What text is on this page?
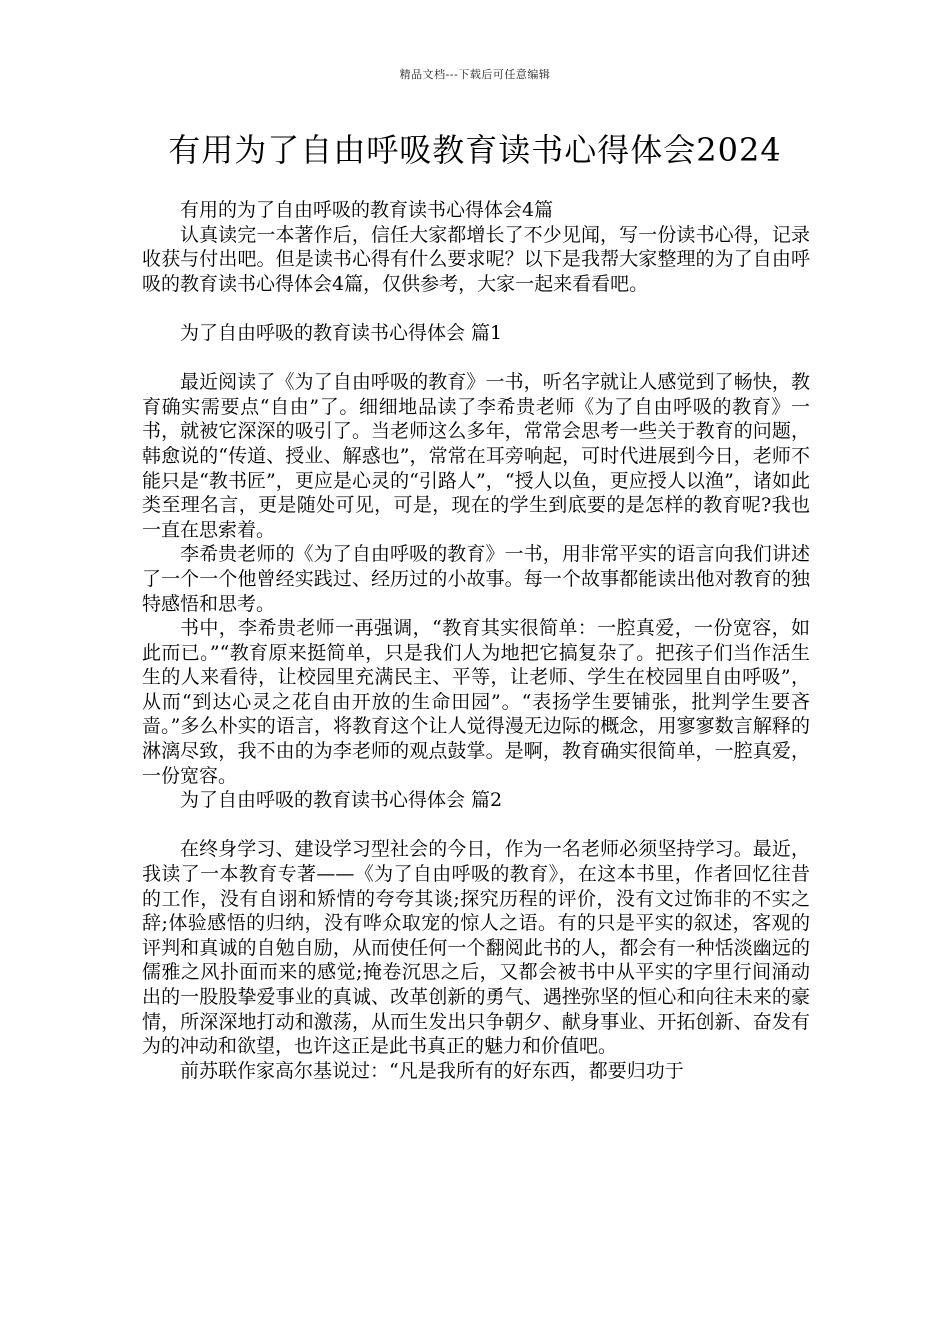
精品文档---下载后可任意编辑
有用为了自由呼吸教育读书心得体会2024

有用的为了自由呼吸的教育读书心得体会4篇

认真读完一本著作后，信任大家都增长了不少见闻，写一份读书心得，记录收获与付出吧。但是读书心得有什么要求呢？以下是我帮大家整理的为了自由呼吸的教育读书心得体会4篇，仅供参考，大家一起来看看吧。

为了自由呼吸的教育读书心得体会 篇1

最近阅读了《为了自由呼吸的教育》一书，听名字就让人感觉到了畅快，教育确实需要点“自由”了。细细地品读了李希贵老师《为了自由呼吸的教育》一书，就被它深深的吸引了。当老师这么多年，常常会思考一些关于教育的问题，韩愈说的“传道、授业、解惑也”，常常在耳旁响起，可时代进展到今日，老师不能只是“教书匠”，更应是心灵的“引路人”，“授人以鱼，更应授人以渔”，诸如此类至理名言，更是随处可见，可是，现在的学生到底要的是怎样的教育呢?我也一直在思索着。

李希贵老师的《为了自由呼吸的教育》一书，用非常平实的语言向我们讲述了一个一个他曾经实践过、经历过的小故事。每一个故事都能读出他对教育的独特感悟和思考。

书中，李希贵老师一再强调，“教育其实很简单：一腔真爱，一份宽容，如此而已。”“教育原来挺简单，只是我们人为地把它搞复杂了。把孩子们当作活生生的人来看待，让校园里充满民主、平等，让老师、学生在校园里自由呼吸”，从而“到达心灵之花自由开放的生命田园”。“表扬学生要铺张，批判学生要吝啬。”多么朴实的语言，将教育这个让人觉得漫无边际的概念，用寥寥数言解释的淋漓尽致，我不由的为李老师的观点鼓掌。是啊，教育确实很简单，一腔真爱，一份宽容。

为了自由呼吸的教育读书心得体会 篇2

在终身学习、建设学习型社会的今日，作为一名老师必须坚持学习。最近，我读了一本教育专著——《为了自由呼吸的教育》，在这本书里，作者回忆往昔的工作，没有自诩和矫情的夸夸其谈;探究历程的评价，没有文过饰非的不实之辞;体验感悟的归纳，没有哗众取宠的惊人之语。有的只是平实的叙述，客观的评判和真诚的自勉自励，从而使任何一个翻阅此书的人，都会有一种恬淡幽远的儒雅之风扑面而来的感觉;掩卷沉思之后，又都会被书中从平实的字里行间涌动出的一股股挚爱事业的真诚、改革创新的勇气、遇挫弥坚的恒心和向往未来的豪情，所深深地打动和激荡，从而生发出只争朝夕、献身事业、开拓创新、奋发有为的冲动和欲望，也许这正是此书真正的魅力和价值吧。

前苏联作家高尔基说过：“凡是我所有的好东西，都要归功于
